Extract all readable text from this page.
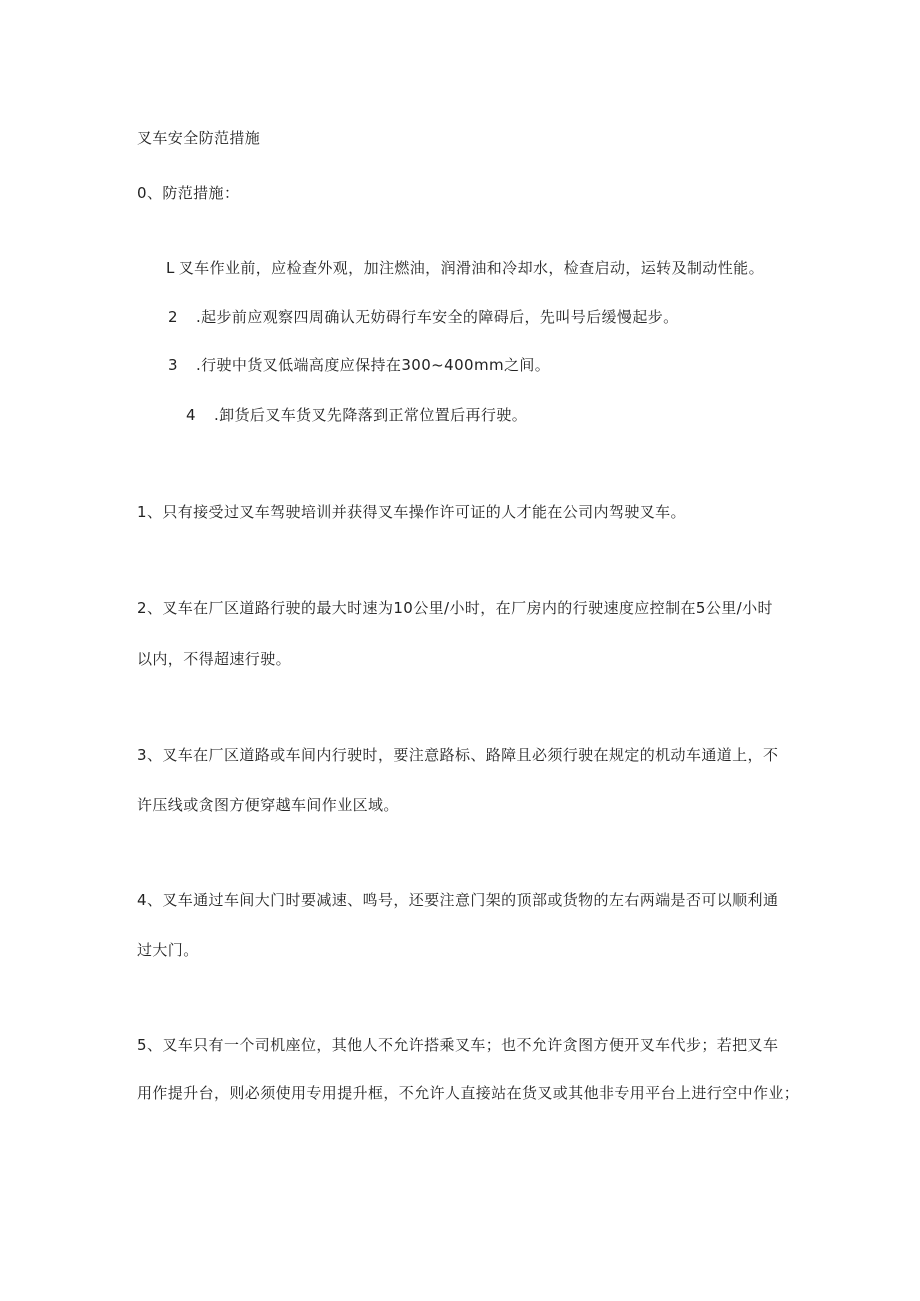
叉车安全防范措施
0、防范措施：
L 叉车作业前，应检查外观，加注燃油，润滑油和冷却水，检查启动，运转及制动性能。
2 .起步前应观察四周确认无妨碍行车安全的障碍后，先叫号后缓慢起步。
3 .行驶中货叉低端高度应保持在300~400mm之间。
4 .卸货后叉车货叉先降落到正常位置后再行驶。
1、只有接受过叉车驾驶培训并获得叉车操作许可证的人才能在公司内驾驶叉车。
2、叉车在厂区道路行驶的最大时速为10公里/小时，在厂房内的行驶速度应控制在5公里/小时
以内，不得超速行驶。
3、叉车在厂区道路或车间内行驶时，要注意路标、路障且必须行驶在规定的机动车通道上，不
许压线或贪图方便穿越车间作业区域。
4、叉车通过车间大门时要减速、鸣号，还要注意门架的顶部或货物的左右两端是否可以顺利通
过大门。
5、叉车只有一个司机座位，其他人不允许搭乘叉车；也不允许贪图方便开叉车代步；若把叉车
用作提升台，则必须使用专用提升框，不允许人直接站在货叉或其他非专用平台上进行空中作业；
